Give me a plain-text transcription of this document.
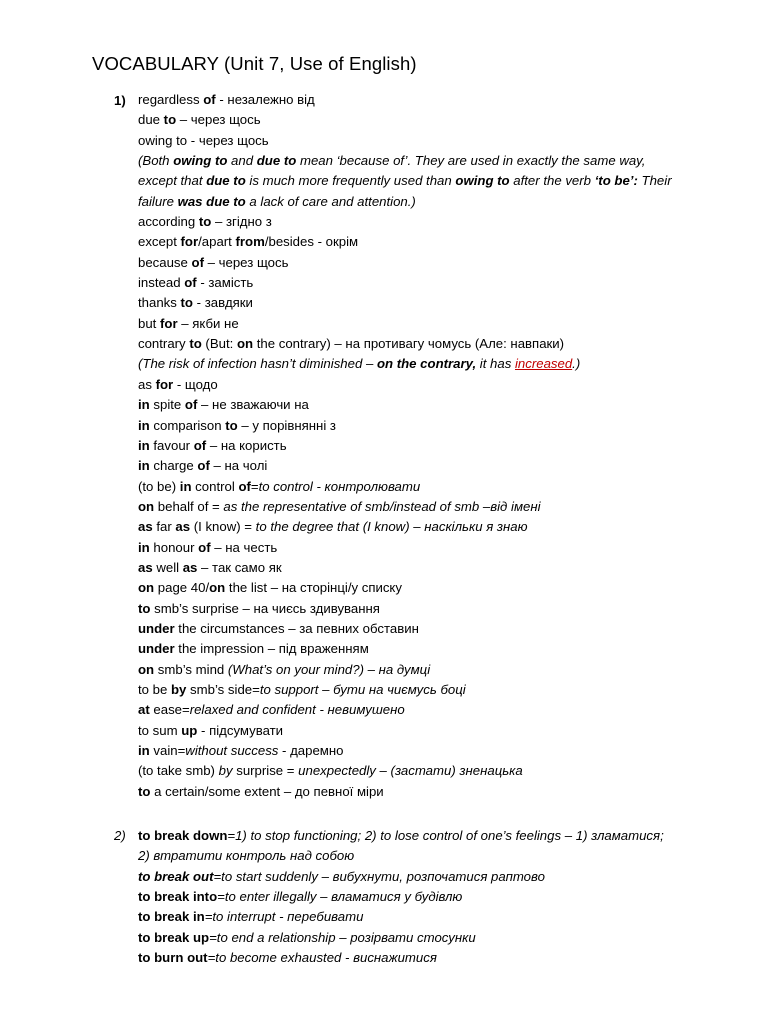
VOCABULARY (Unit 7, Use of English)
1) regardless of - незалежно від
due to – через щось
owing to - через щось
(Both owing to and due to mean ‘because of’. They are used in exactly the same way,
except that due to is much more frequently used than owing to after the verb ‘to be’: Their
failure was due to a lack of care and attention.)
according to – згідно з
except for/apart from/besides - окрім
because of – через щось
instead of - замість
thanks to - завдяки
but for – якби не
contrary to (But: on the contrary) – на противагу чомусь (Але: навпаки)
(The risk of infection hasn’t diminished – on the contrary, it has increased.)
as for - щодо
in spite of – не зважаючи на
in comparison to – у порівнянні з
in favour of – на користь
in charge of – на чолі
(to be) in control of=to control - контролювати
on behalf of = as the representative of smb/instead of smb –від імені
as far as (I know) = to the degree that (I know) – наскільки я знаю
in honour of – на честь
as well as – так само як
on page 40/on the list – на сторінці/у списку
to smb’s surprise – на чиєсь здивування
under the circumstances – за певних обставин
under the impression – під враженням
on smb’s mind (What’s on your mind?) – на думці
to be by smb’s side=to support – бути на чиємусь боці
at ease=relaxed and confident - невимушено
to sum up - підсумувати
in vain=without success - даремно
(to take smb) by surprise = unexpectedly – (застати) зненацька
to a certain/some extent – до певної міри
2) to break down=1) to stop functioning; 2) to lose control of one’s feelings – 1) зламатися;
2) втратити контроль над собою
to break out=to start suddenly – вибухнути, розпочатися раптово
to break into=to enter illegally – вламатися у будівлю
to break in=to interrupt - перебивати
to break up=to end a relationship – розірвати стосунки
to burn out=to become exhausted - виснажитися
